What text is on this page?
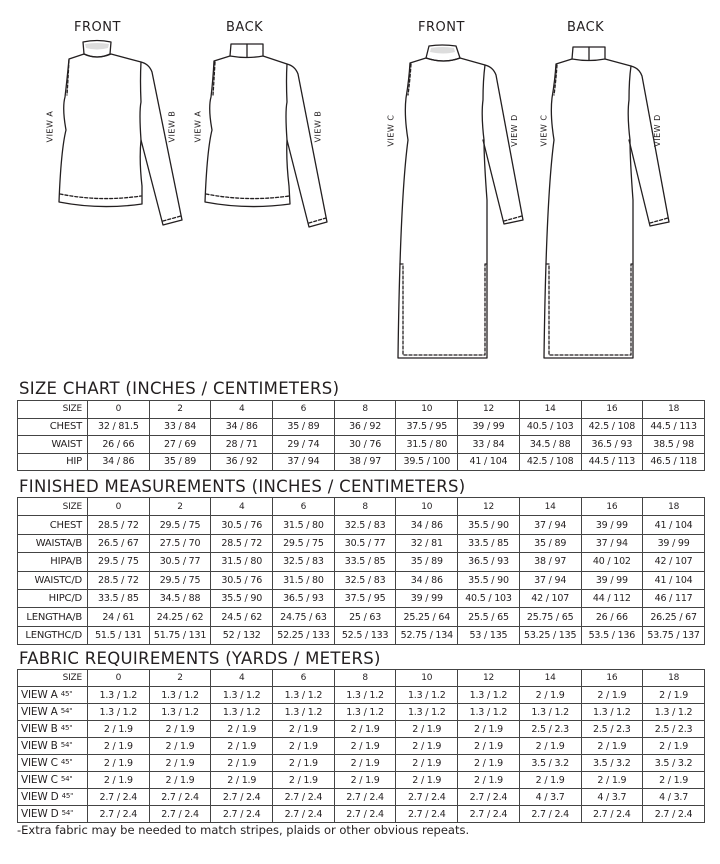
FRONT	BACK	FRONT	BACK
VIEW A	VIEW B VIEW A	VIEW B	VIEW C	VIEW D	VIEW C	VIEW D
SIZE CHART (INCHES / CENTIMETERS)
SIZE	0	2	4	6	8	10	12	14	16	18
CHEST	32 / 81.5	33 / 84	34 / 86	35 / 89	36 / 92	37.5 / 95	39 / 99	40.5 / 103	42.5 / 108	44.5 / 113
WAIST	26 / 66	27 / 69	28 / 71	29 / 74	30 / 76	31.5 / 80	33 / 84	34.5 / 88	36.5 / 93	38.5 / 98
HIP	34 / 86	35 / 89	36 / 92	37 / 94	38 / 97	39.5 / 100	41 / 104	42.5 / 108	44.5 / 113	46.5 / 118
FINISHED MEASUREMENTS (INCHES / CENTIMETERS)
SIZE	0	2	4	6	8	10	12	14	16	18
CHEST	28.5 / 72	29.5 / 75	30.5 / 76	31.5 / 80	32.5 / 83	34 / 86	35.5 / 90	37 / 94	39 / 99	41 / 104
WAISTA/B	26.5 / 67	27.5 / 70	28.5 / 72	29.5 / 75	30.5 / 77	32 / 81	33.5 / 85	35 / 89	37 / 94	39 / 99
HIPA/B	29.5 / 75	30.5 / 77	31.5 / 80	32.5 / 83	33.5 / 85	35 / 89	36.5 / 93	38 / 97	40 / 102	42 / 107
WAISTC/D	28.5 / 72	29.5 / 75	30.5 / 76	31.5 / 80	32.5 / 83	34 / 86	35.5 / 90	37 / 94	39 / 99	41 / 104
HIPC/D	33.5 / 85	34.5 / 88	35.5 / 90	36.5 / 93	37.5 / 95	39 / 99	40.5 / 103	42 / 107	44 / 112	46 / 117
LENGTHA/B	24 / 61	24.25 / 62	24.5 / 62	24.75 / 63	25 / 63	25.25 / 64	25.5 / 65	25.75 / 65	26 / 66	26.25 / 67
LENGTHC/D	51.5 / 131	51.75 / 131	52 / 132	52.25 / 133	52.5 / 133	52.75 / 134	53 / 135	53.25 / 135	53.5 / 136	53.75 / 137
FABRIC REQUIREMENTS (YARDS / METERS)
SIZE	0	2	4	6	8	10	12	14	16	18
VIEW A $^{45"}$	1.3 / 1.2	1.3 / 1.2	1.3 / 1.2	1.3 / 1.2	1.3 / 1.2	1.3 / 1.2	1.3 / 1.2	2 / 1.9	2 / 1.9	2 / 1.9
VIEW A $^{54"}$	1.3 / 1.2	1.3 / 1.2	1.3 / 1.2	1.3 / 1.2	1.3 / 1.2	1.3 / 1.2	1.3 / 1.2	1.3 / 1.2	1.3 / 1.2	1.3 / 1.2
VIEW B $^{45"}$	2 / 1.9	2 / 1.9	2 / 1.9	2 / 1.9	2 / 1.9	2 / 1.9	2 / 1.9	2.5 / 2.3	2.5 / 2.3	2.5 / 2.3
VIEW B $^{54"}$	2 / 1.9	2 / 1.9	2 / 1.9	2 / 1.9	2 / 1.9	2 / 1.9	2 / 1.9	2 / 1.9	2 / 1.9	2 / 1.9
VIEW C $^{45"}$	2 / 1.9	2 / 1.9	2 / 1.9	2 / 1.9	2 / 1.9	2 / 1.9	2 / 1.9	3.5 / 3.2	3.5 / 3.2	3.5 / 3.2
VIEW C $^{54"}$	2 / 1.9	2 / 1.9	2 / 1.9	2 / 1.9	2 / 1.9	2 / 1.9	2 / 1.9	2 / 1.9	2 / 1.9	2 / 1.9
VIEW D $^{45"}$	2.7 / 2.4	2.7 / 2.4	2.7 / 2.4	2.7 / 2.4	2.7 / 2.4	2.7 / 2.4	2.7 / 2.4	4 / 3.7	4 / 3.7	4 / 3.7
VIEW D $^{54"}$	2.7 / 2.4	2.7 / 2.4	2.7 / 2.4	2.7 / 2.4	2.7 / 2.4	2.7 / 2.4	2.7 / 2.4	2.7 / 2.4	2.7 / 2.4	2.7 / 2.4
-Extra fabric may be needed to match stripes, plaids or other obvious repeats.
